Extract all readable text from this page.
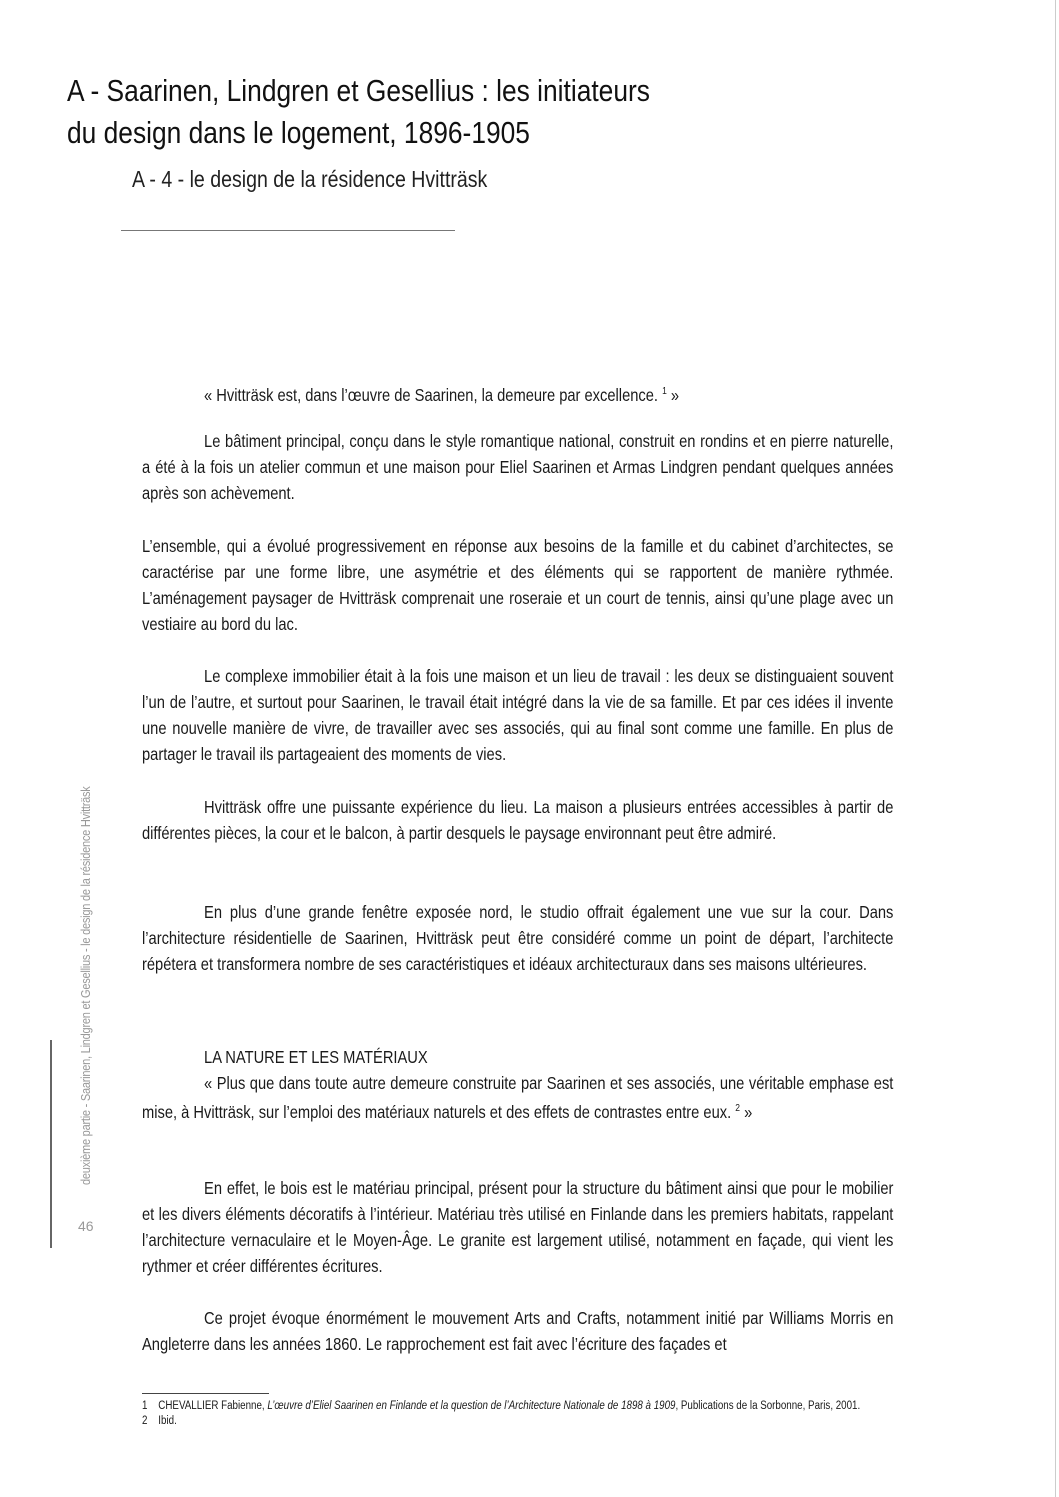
A - Saarinen, Lindgren et Gesellius : les initiateurs
du design dans le logement, 1896-1905
A - 4 - le design de la résidence Hvitträsk
deuxième partie - Saarinen, Lindgren et Gesellius - le design de la résidence Hvitträsk
46

« Hvitträsk est, dans l’œuvre de Saarinen, la demeure par excellence. $^1$ »

Le bâtiment principal, conçu dans le style romantique national, construit en rondins et en pierre naturelle, a été à la fois un atelier commun et une maison pour Eliel Saarinen et Armas Lindgren pendant quelques années après son achèvement.

L’ensemble, qui a évolué progressivement en réponse aux besoins de la famille et du cabinet d’architectes, se caractérise par une forme libre, une asymétrie et des éléments qui se rapportent de manière rythmée. L’aménagement paysager de Hvitträsk comprenait une roseraie et un court de tennis, ainsi qu’une plage avec un vestiaire au bord du lac.

Le complexe immobilier était à la fois une maison et un lieu de travail : les deux se distinguaient souvent l’un de l’autre, et surtout pour Saarinen, le travail était intégré dans la vie de sa famille. Et par ces idées il invente une nouvelle manière de vivre, de travailler avec ses associés, qui au final sont comme une famille. En plus de partager le travail ils partageaient des moments de vies.

Hvitträsk offre une puissante expérience du lieu. La maison a plusieurs entrées accessibles à partir de différentes pièces, la cour et le balcon, à partir desquels le paysage environnant peut être admiré.

En plus d’une grande fenêtre exposée nord, le studio offrait également une vue sur la cour. Dans l’architecture résidentielle de Saarinen, Hvitträsk peut être considéré comme un point de départ, l’architecte répétera et transformera nombre de ses caractéristiques et idéaux architecturaux dans ses maisons ultérieures.

LA NATURE ET LES MATÉRIAUX

« Plus que dans toute autre demeure construite par Saarinen et ses associés, une véritable emphase est mise, à Hvitträsk, sur l’emploi des matériaux naturels et des effets de contrastes entre eux. $^2$ »

En effet, le bois est le matériau principal, présent pour la structure du bâtiment ainsi que pour le mobilier et les divers éléments décoratifs à l’intérieur. Matériau très utilisé en Finlande dans les premiers habitats, rappelant l’architecture vernaculaire et le Moyen-Âge. Le granite est largement utilisé, notamment en façade, qui vient les rythmer et créer différentes écritures.

Ce projet évoque énormément le mouvement Arts and Crafts, notamment initié par Williams Morris en Angleterre dans les années 1860. Le rapprochement est fait avec l’écriture des façades et

1 CHEVALLIER Fabienne, L’œuvre d’Eliel Saarinen en Finlande et la question de l’Architecture Nationale de 1898 à 1909, Publications de la Sorbonne, Paris, 2001.

2 Ibid.
